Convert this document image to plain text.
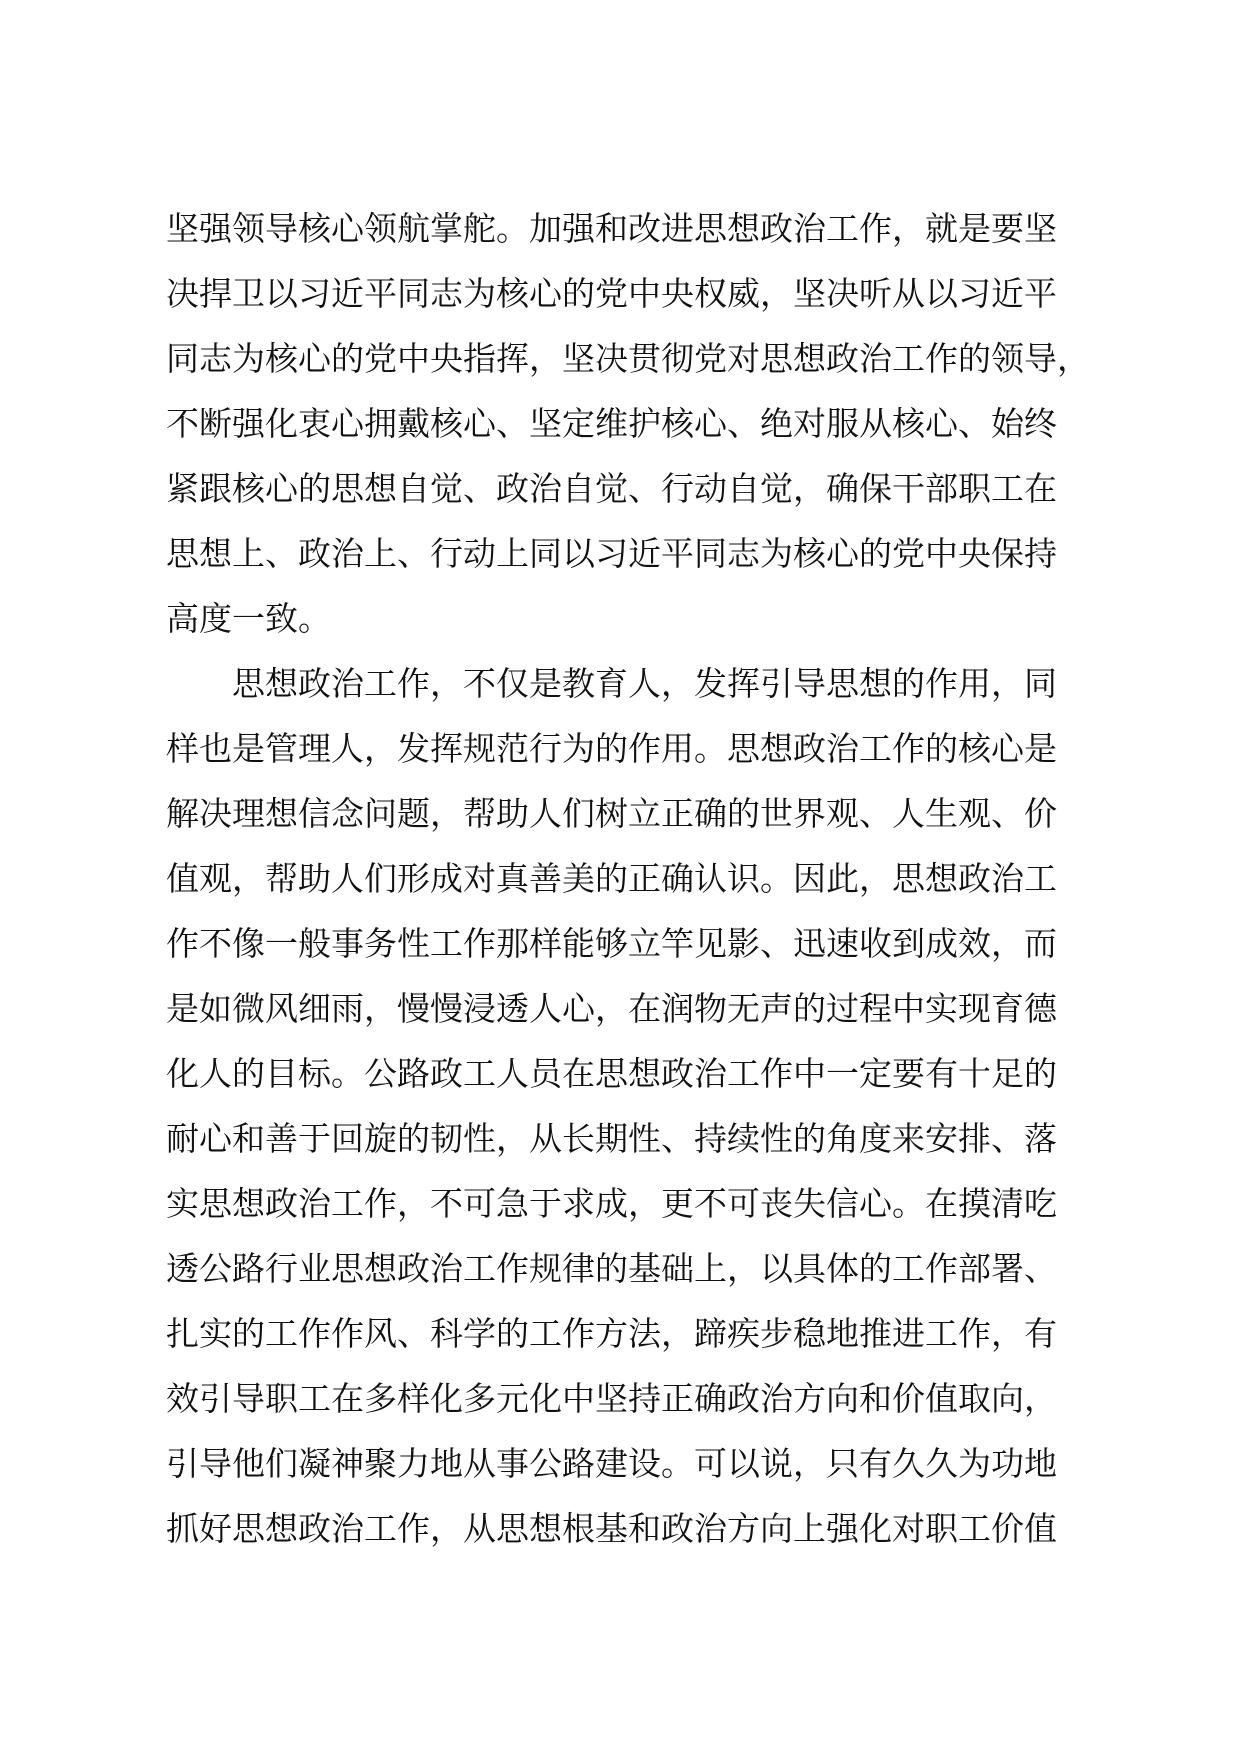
坚强领导核心领航掌舵。加强和改进思想政治工作，就是要坚
决捍卫以习近平同志为核心的党中央权威，坚决听从以习近平
同志为核心的党中央指挥，坚决贯彻党对思想政治工作的领导，
不断强化衷心拥戴核心、坚定维护核心、绝对服从核心、始终
紧跟核心的思想自觉、政治自觉、行动自觉，确保干部职工在
思想上、政治上、行动上同以习近平同志为核心的党中央保持
高度一致。
思想政治工作，不仅是教育人，发挥引导思想的作用，同
样也是管理人，发挥规范行为的作用。思想政治工作的核心是
解决理想信念问题，帮助人们树立正确的世界观、人生观、价
值观，帮助人们形成对真善美的正确认识。因此，思想政治工
作不像一般事务性工作那样能够立竿见影、迅速收到成效，而
是如微风细雨，慢慢浸透人心，在润物无声的过程中实现育德
化人的目标。公路政工人员在思想政治工作中一定要有十足的
耐心和善于回旋的韧性，从长期性、持续性的角度来安排、落
实思想政治工作，不可急于求成，更不可丧失信心。在摸清吃
透公路行业思想政治工作规律的基础上，以具体的工作部署、
扎实的工作作风、科学的工作方法，蹄疾步稳地推进工作，有
效引导职工在多样化多元化中坚持正确政治方向和价值取向，
引导他们凝神聚力地从事公路建设。可以说，只有久久为功地
抓好思想政治工作，从思想根基和政治方向上强化对职工价值
